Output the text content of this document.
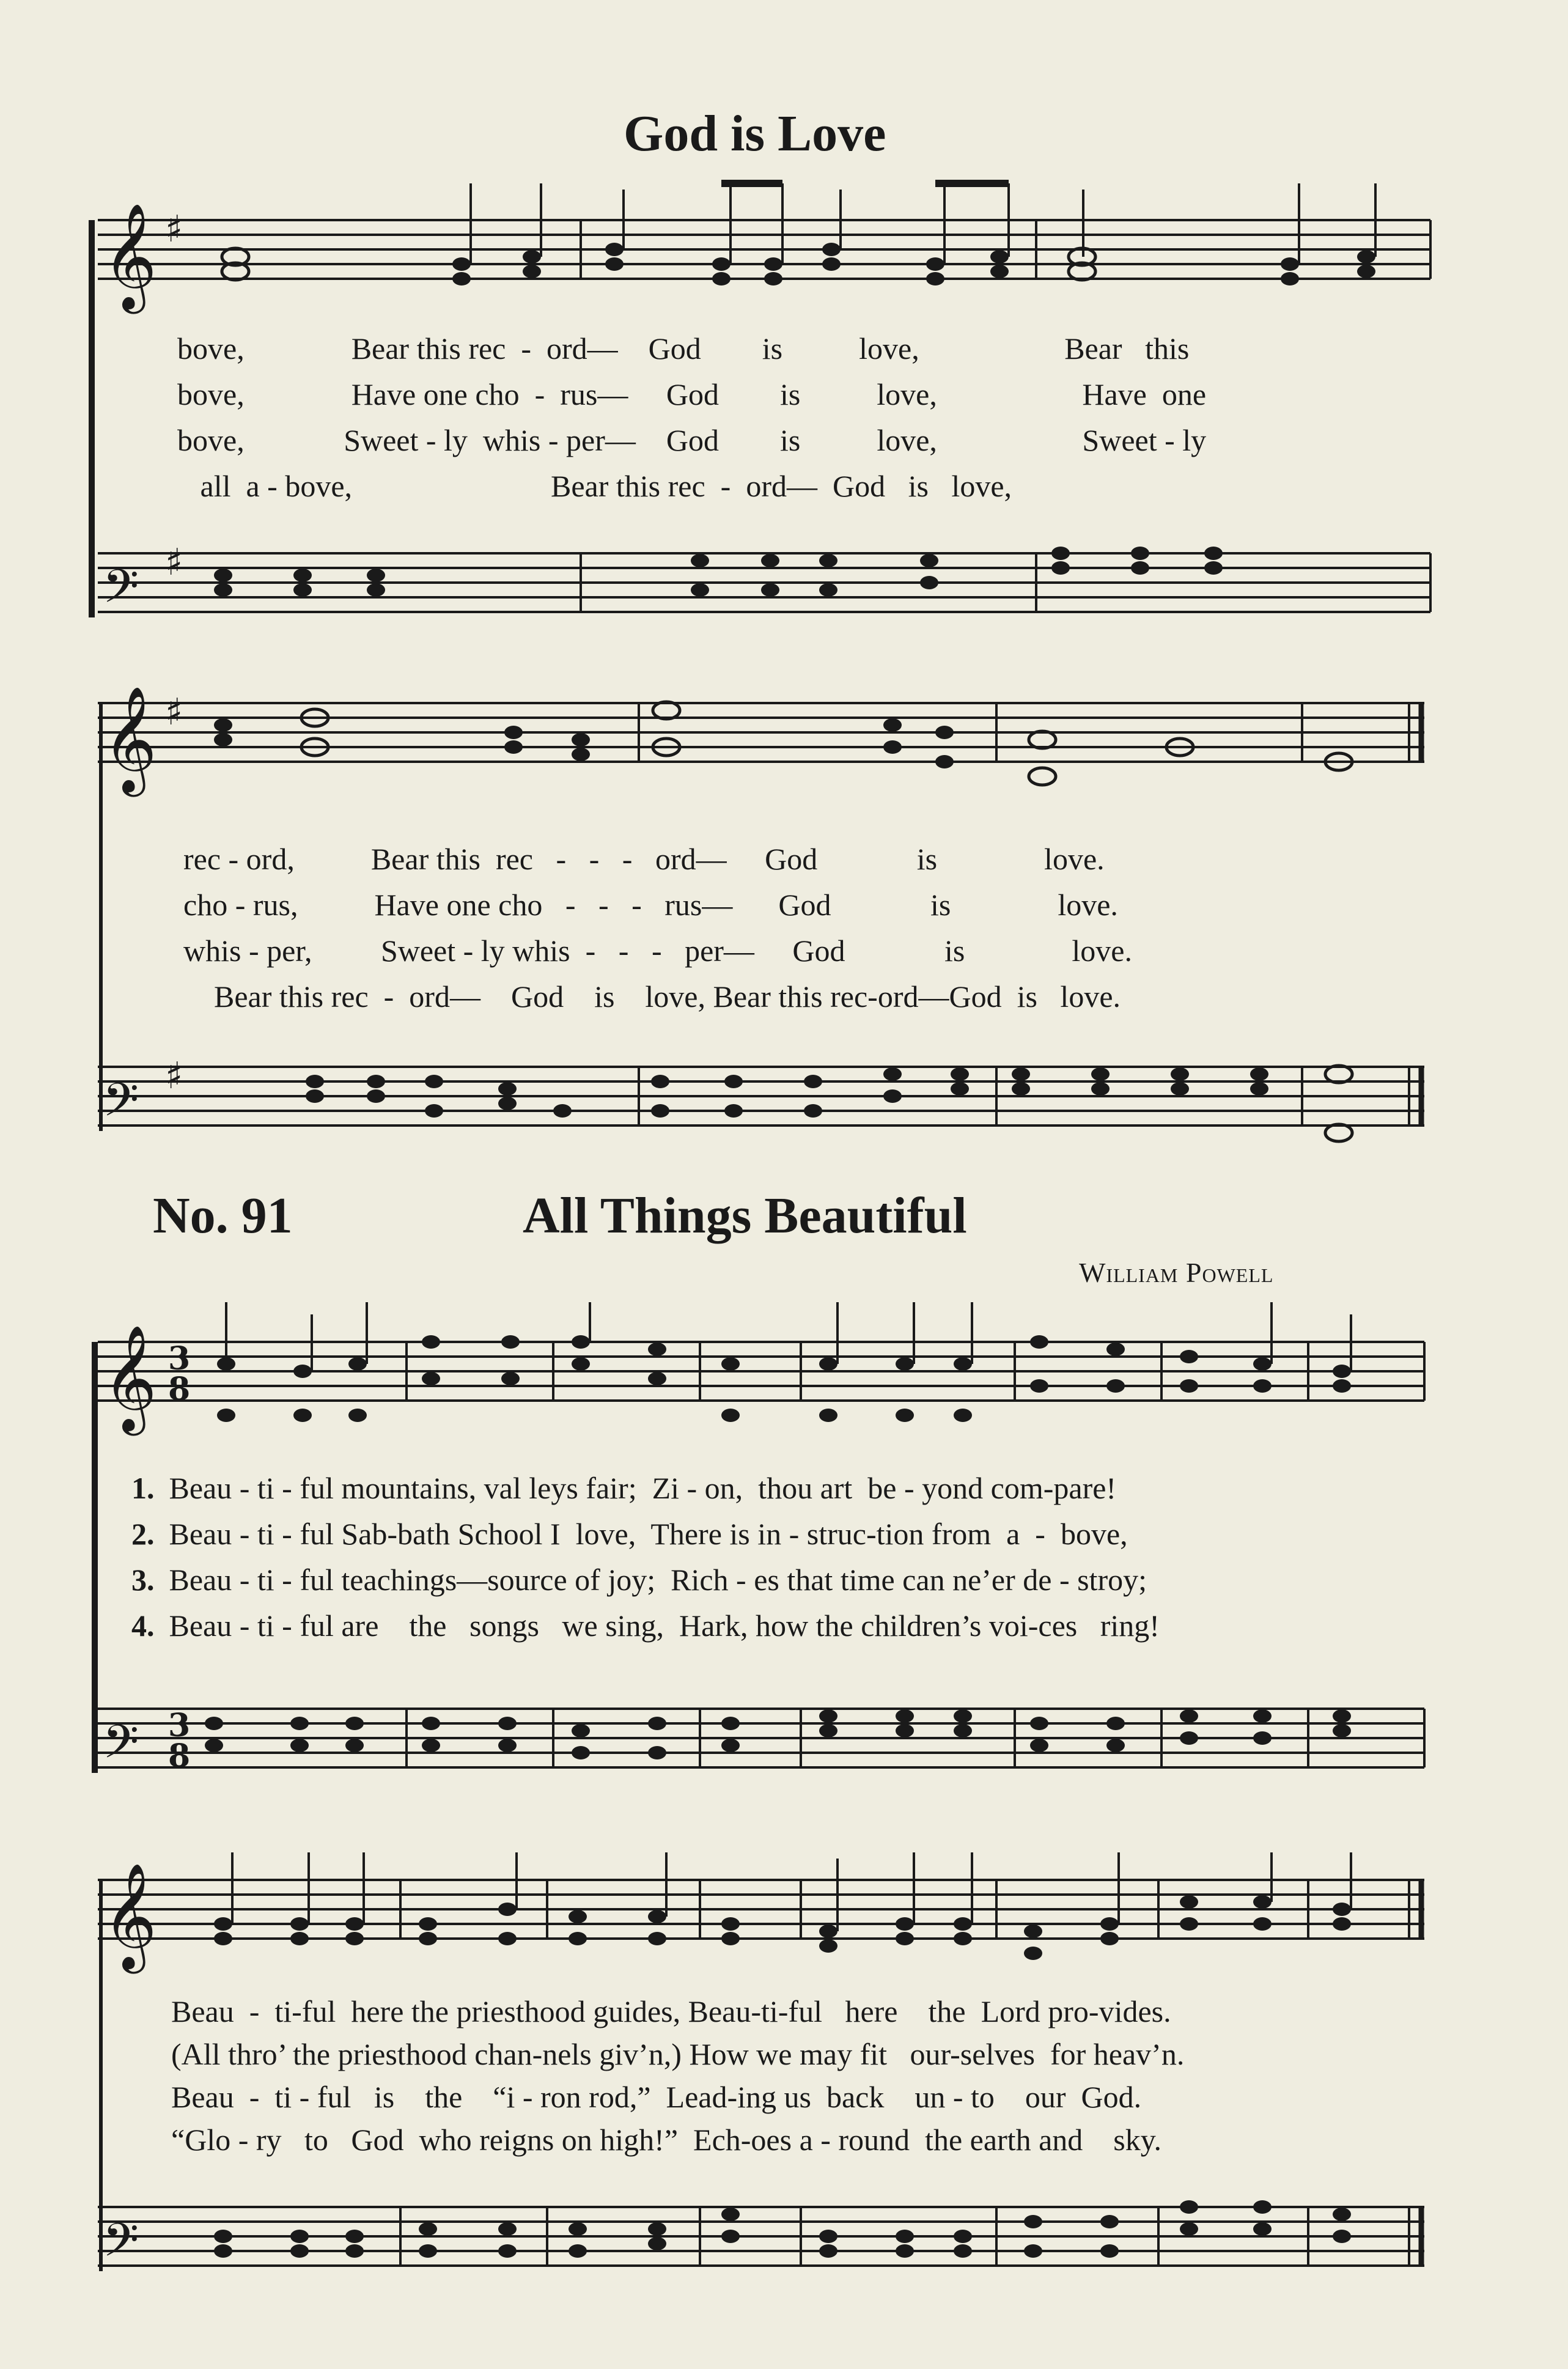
God is Love
𝄞
𝄢
𝄞
𝄢
𝄞
𝄢
𝄞
𝄢
♯
♯
♯
♯
3
8
3
8
bove,              Bear this rec  -  ord—    God        is          love,                   Bear   this
bove,              Have one cho  -  rus—     God        is          love,                   Have  one
bove,             Sweet - ly  whis - per—    God        is          love,                   Sweet - ly
all  a - bove,                          Bear this rec  -  ord—  God   is   love,
rec - ord,          Bear this  rec   -   -   -   ord—     God             is              love.
cho - rus,          Have one cho   -   -   -   rus—      God             is              love.
whis - per,         Sweet - ly whis  -   -   -   per—     God             is              love.
Bear this rec  -  ord—    God    is    love, Bear this rec-ord—God  is   love.
No. 91	All Things Beautiful
William Powell
1. Beau - ti - ful mountains, val leys fair;  Zi - on,  thou art  be - yond com-pare!
2. Beau - ti - ful Sab-bath School I  love,  There is in - struc-tion from  a  -  bove,
3. Beau - ti - ful teachings—source of joy;  Rich - es that time can ne’er de - stroy;
4. Beau - ti - ful are    the   songs   we sing,  Hark, how the children’s voi-ces   ring!
Beau  -  ti-ful  here the priesthood guides, Beau-ti-ful   here    the  Lord pro-vides.
(All thro’ the priesthood chan-nels giv’n,) How we may fit   our-selves  for heav’n.
Beau  -  ti - ful   is    the    “i - ron rod,”  Lead-ing us  back    un - to    our  God.
“Glo - ry   to   God  who reigns on high!”  Ech-oes a - round  the earth and    sky.
